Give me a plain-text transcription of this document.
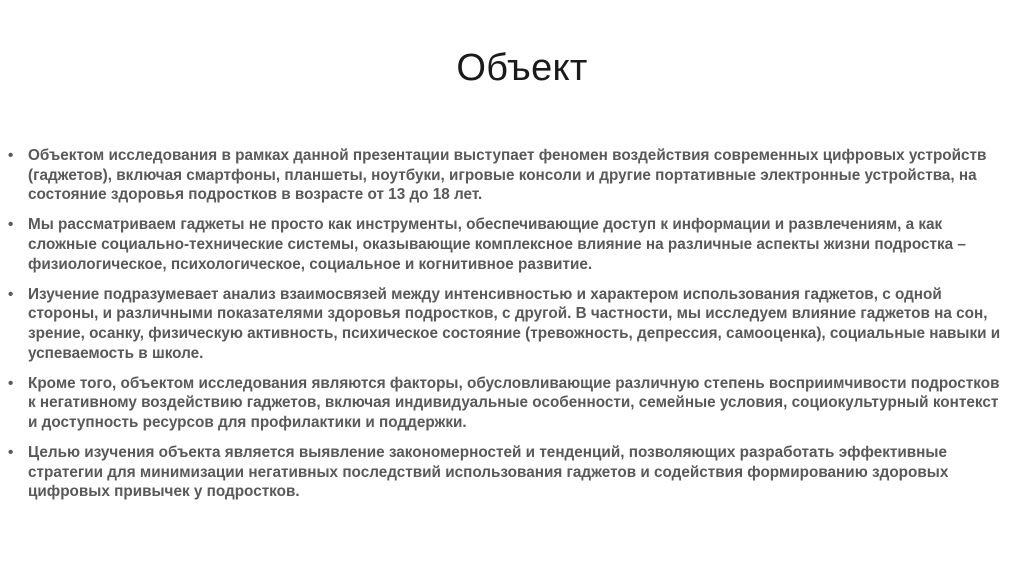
Объект
• Объектом исследования в рамках данной презентации выступает феномен воздействия современных цифровых устройств (гаджетов), включая смартфоны, планшеты, ноутбуки, игровые консоли и другие портативные электронные устройства, на состояние здоровья подростков в возрасте от 13 до 18 лет.
• Мы рассматриваем гаджеты не просто как инструменты, обеспечивающие доступ к информации и развлечениям, а как сложные социально-технические системы, оказывающие комплексное влияние на различные аспекты жизни подростка – физиологическое, психологическое, социальное и когнитивное развитие.
• Изучение подразумевает анализ взаимосвязей между интенсивностью и характером использования гаджетов, с одной стороны, и различными показателями здоровья подростков, с другой. В частности, мы исследуем влияние гаджетов на сон, зрение, осанку, физическую активность, психическое состояние (тревожность, депрессия, самооценка), социальные навыки и успеваемость в школе.
• Кроме того, объектом исследования являются факторы, обусловливающие различную степень восприимчивости подростков к негативному воздействию гаджетов, включая индивидуальные особенности, семейные условия, социокультурный контекст и доступность ресурсов для профилактики и поддержки.
• Целью изучения объекта является выявление закономерностей и тенденций, позволяющих разработать эффективные стратегии для минимизации негативных последствий использования гаджетов и содействия формированию здоровых цифровых привычек у подростков.
